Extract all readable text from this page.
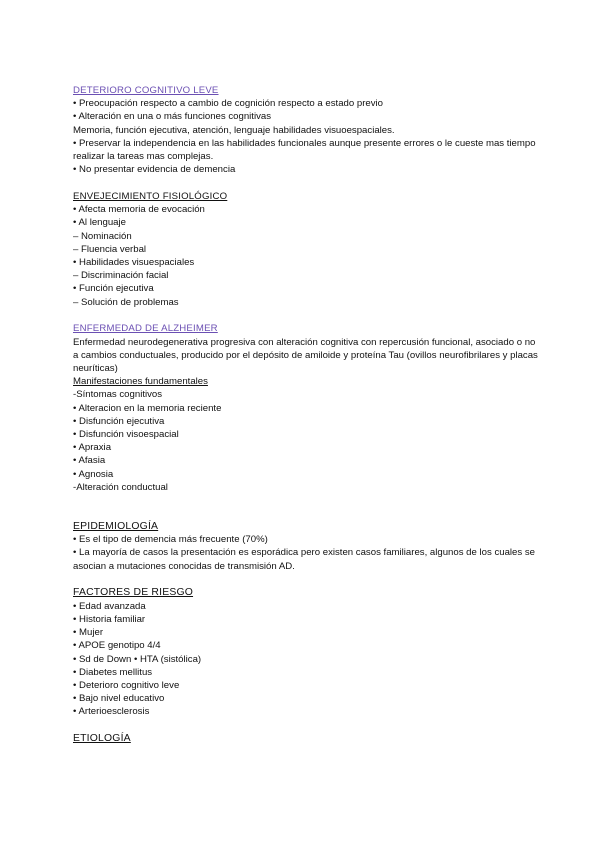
DETERIORO COGNITIVO LEVE
• Preocupación respecto a cambio de cognición respecto a estado previo
• Alteración en una o más funciones cognitivas
Memoria, función ejecutiva, atención, lenguaje habilidades visuoespaciales.
• Preservar la independencia en las habilidades funcionales aunque presente errores o le cueste mas tiempo realizar la tareas mas complejas.
• No presentar evidencia de demencia
ENVEJECIMIENTO FISIOLÓGICO
• Afecta memoria de evocación
• Al lenguaje
– Nominación
– Fluencia verbal
• Habilidades visuespaciales
– Discriminación facial
• Función ejecutiva
– Solución de problemas
ENFERMEDAD DE ALZHEIMER
Enfermedad neurodegenerativa progresiva con alteración cognitiva con repercusión funcional, asociado o no a cambios conductuales, producido por el depósito de amiloide y proteína Tau (ovillos neurofibrilares y placas neuríticas)
Manifestaciones fundamentales
-Síntomas cognitivos
• Alteracion en la memoria reciente
• Disfunción ejecutiva
• Disfunción visoespacial
• Apraxia
• Afasia
• Agnosia
-Alteración conductual
EPIDEMIOLOGÍA
• Es el tipo de demencia más frecuente (70%)
• La mayoría de casos la presentación es esporádica pero existen casos familiares, algunos de los cuales se asocian a mutaciones conocidas de transmisión AD.
FACTORES DE RIESGO
• Edad avanzada
• Historia familiar
• Mujer
• APOE genotipo 4/4
• Sd de Down • HTA (sistólica)
• Diabetes mellitus
• Deterioro cognitivo leve
• Bajo nivel educativo
• Arterioesclerosis
ETIOLOGÍA
